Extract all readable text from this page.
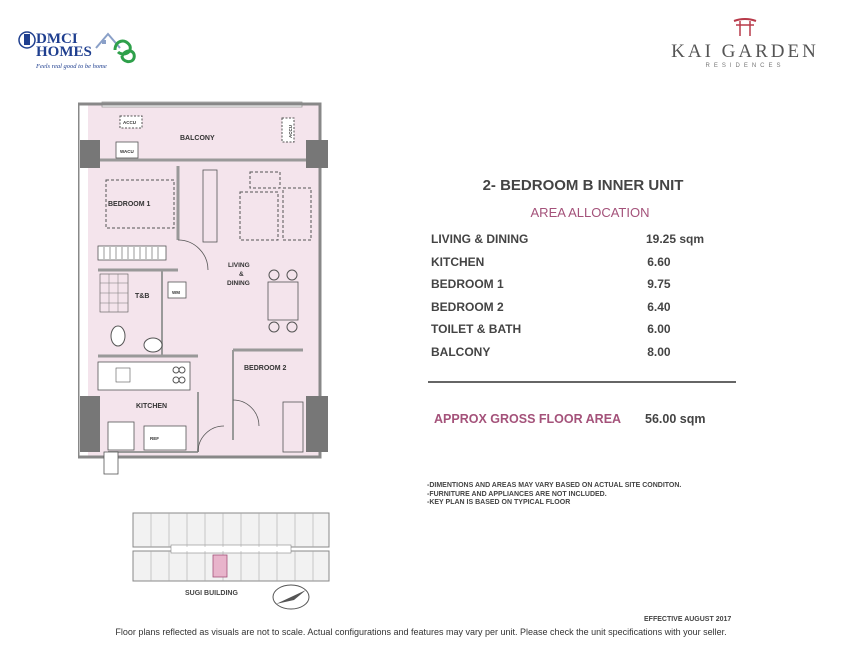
DMCI
HOMES
Feels real good to be home
KAI GARDEN
RESIDENCES
BALCONY
ACCU
ACCU
WACU
BEDROOM 1
LIVING
&
DINING
T&B
WM
BEDROOM 2
KITCHEN
REF
SUGI BUILDING
2- BEDROOM B INNER UNIT
AREA ALLOCATION
LIVING & DINING	19.25 sqm
KITCHEN	6.60
BEDROOM 1	9.75
BEDROOM 2	6.40
TOILET & BATH	6.00
BALCONY	8.00
APPROX GROSS FLOOR AREA 56.00 sqm
-DIMENTIONS AND AREAS MAY VARY BASED ON ACTUAL SITE CONDITON.
-FURNITURE AND APPLIANCES ARE NOT INCLUDED.
-KEY PLAN IS BASED ON TYPICAL FLOOR
EFFECTIVE AUGUST 2017
Floor plans reflected as visuals are not to scale. Actual configurations and features may vary per unit. Please check the unit specifications with your seller.
